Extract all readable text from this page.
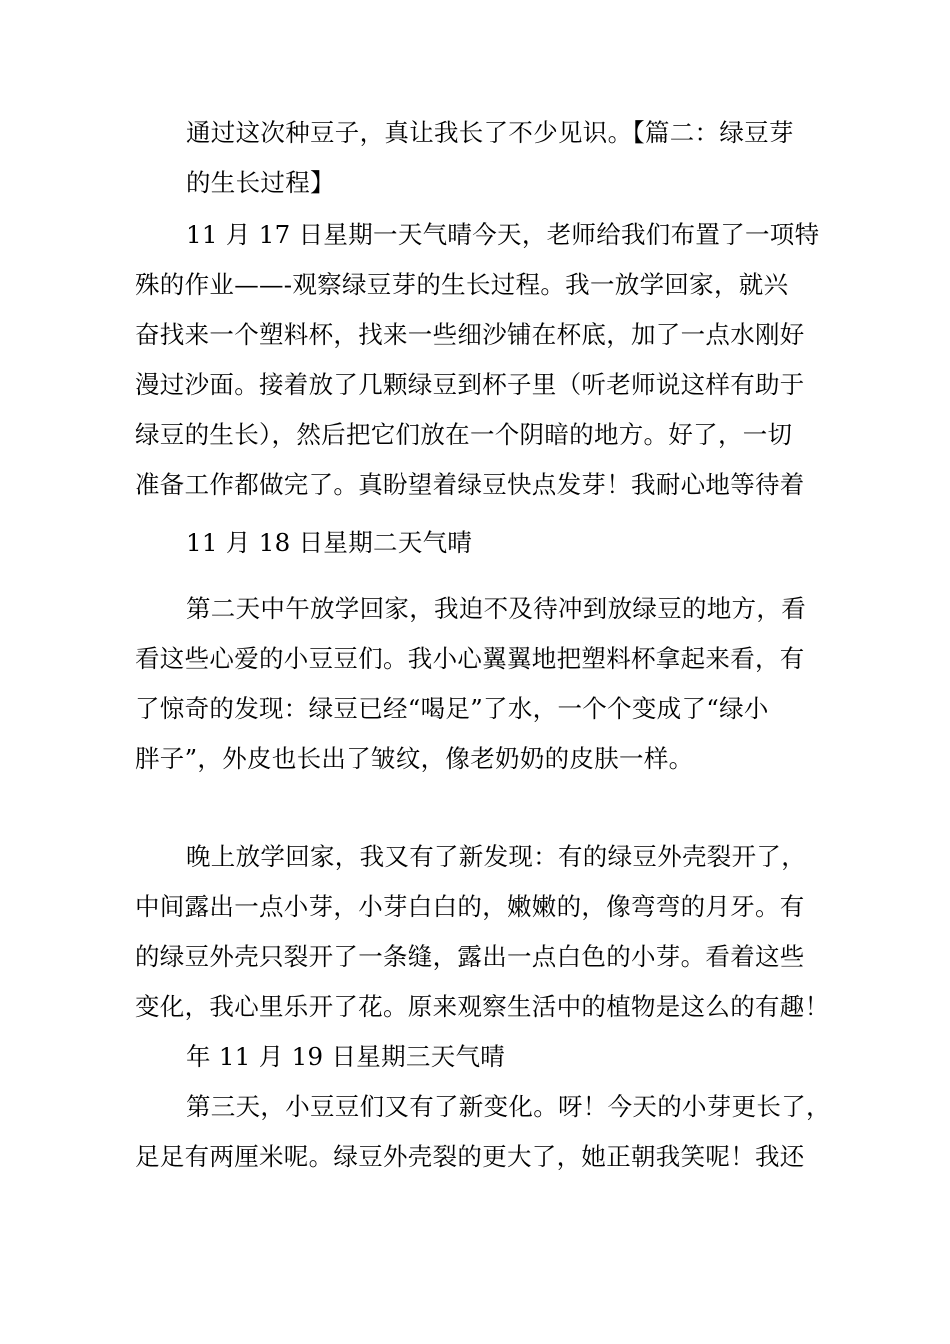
通过这次种豆子，真让我长了不少见识。【篇二：绿豆芽
的生长过程】
11 月 17 日星期一天气晴今天，老师给我们布置了一项特
殊的作业——-观察绿豆芽的生长过程。我一放学回家，就兴
奋找来一个塑料杯，找来一些细沙铺在杯底，加了一点水刚好
漫过沙面。接着放了几颗绿豆到杯子里（听老师说这样有助于
绿豆的生长），然后把它们放在一个阴暗的地方。好了，一切
准备工作都做完了。真盼望着绿豆快点发芽！我耐心地等待着
11 月 18 日星期二天气晴
第二天中午放学回家，我迫不及待冲到放绿豆的地方，看
看这些心爱的小豆豆们。我小心翼翼地把塑料杯拿起来看，有
了惊奇的发现：绿豆已经“喝足”了水，一个个变成了“绿小
胖子”，外皮也长出了皱纹，像老奶奶的皮肤一样。
晚上放学回家，我又有了新发现：有的绿豆外壳裂开了，
中间露出一点小芽，小芽白白的，嫩嫩的，像弯弯的月牙。有
的绿豆外壳只裂开了一条缝，露出一点白色的小芽。看着这些
变化，我心里乐开了花。原来观察生活中的植物是这么的有趣！
年 11 月 19 日星期三天气晴
第三天，小豆豆们又有了新变化。呀！今天的小芽更长了，
足足有两厘米呢。绿豆外壳裂的更大了，她正朝我笑呢！我还
